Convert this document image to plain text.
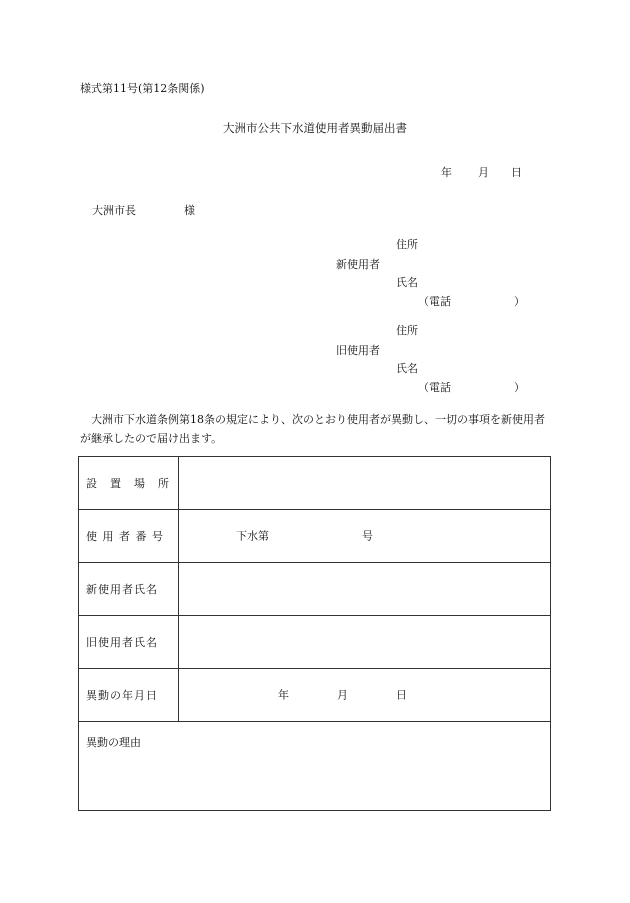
様式第11号(第12条関係)
大洲市公共下水道使用者異動届出書
年 月 日
大洲市長	様
住所
新使用者
氏名
（電話	）
住所
旧使用者
氏名
（電話	）
大洲市下水道条例第18条の規定により、次のとおり使用者が異動し、一切の事項を新使用者が継承したので届け出ます。
設　置　場　所	
使 用 者 番 号	下水第 号

新使用者氏名	
旧使用者氏名	
異動の年月日	年 月 日

異動の理由	
